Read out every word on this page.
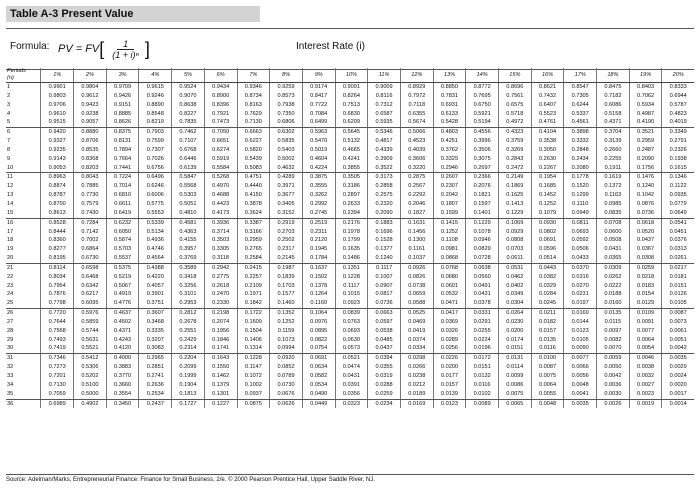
Table A-3 Present Value
Formula: PV = FV [ $\frac{1}{\text{(1 + i)ⁿ}}$ ]	Interest Rate (i)
Periods
(n)	1%	2%	3%	4%	5%	6%	7%	8%	9%	10%	11%	12%	13%	14%	15%	16%	17%	18%	19%	20%
1	0.9901	0.9804	0.9709	0.9615	0.9524	0.9434	0.9346	0.9259	0.9174	0.9091	0.9009	0.8929	0.8850	0.8772	0.8696	0.8621	0.8547	0.8475	0.8403	0.8333
2	0.9803	0.9612	0.9426	0.9246	0.9070	0.8900	0.8734	0.8573	0.8417	0.8264	0.8116	0.7972	0.7831	0.7695	0.7561	0.7432	0.7305	0.7182	0.7062	0.6944
3	0.9706	0.9423	0.9151	0.8890	0.8638	0.8396	0.8163	0.7938	0.7722	0.7513	0.7312	0.7118	0.6931	0.6750	0.6575	0.6407	0.6244	0.6086	0.5934	0.5787
4	0.9610	0.9238	0.8885	0.8548	0.8227	0.7921	0.7629	0.7350	0.7084	0.6830	0.6587	0.6355	0.6133	0.5921	0.5718	0.5523	0.5337	0.5158	0.4987	0.4823
5	0.9515	0.9057	0.8626	0.8219	0.7835	0.7473	0.7130	0.6806	0.6499	0.6209	0.5935	0.5674	0.5428	0.5194	0.4972	0.4761	0.4561	0.4371	0.4190	0.4019
6	0.9420	0.8880	0.8375	0.7903	0.7462	0.7050	0.6663	0.6302	0.5963	0.5645	0.5346	0.5066	0.4803	0.4556	0.4323	0.4104	0.3898	0.3704	0.3521	0.3349
7	0.9327	0.8706	0.8131	0.7599	0.7107	0.6651	0.6227	0.5835	0.5470	0.5132	0.4817	0.4523	0.4251	0.3996	0.3759	0.3538	0.3332	0.3139	0.2959	0.2791
8	0.9235	0.8535	0.7894	0.7307	0.6768	0.6274	0.5820	0.5403	0.5019	0.4665	0.4339	0.4039	0.3762	0.3506	0.3269	0.3050	0.2848	0.2660	0.2487	0.2326
9	0.9143	0.8368	0.7664	0.7026	0.6446	0.5919	0.5439	0.5002	0.4604	0.4241	0.3909	0.3606	0.3329	0.3075	0.2843	0.2630	0.2434	0.2255	0.2090	0.1938
10	0.9053	0.8203	0.7441	0.6756	0.6139	0.5584	0.5083	0.4632	0.4224	0.3855	0.3522	0.3220	0.2946	0.2697	0.2472	0.2267	0.2080	0.1911	0.1756	0.1615
11	0.8963	0.8043	0.7224	0.6496	0.5847	0.5268	0.4751	0.4289	0.3875	0.3505	0.3173	0.2875	0.2607	0.2366	0.2149	0.1954	0.1778	0.1619	0.1476	0.1346
12	0.8874	0.7885	0.7014	0.6246	0.5568	0.4970	0.4440	0.3971	0.3555	0.3186	0.2858	0.2567	0.2307	0.2076	0.1869	0.1685	0.1520	0.1372	0.1240	0.1122
13	0.8787	0.7730	0.6810	0.6006	0.5303	0.4688	0.4150	0.3677	0.3262	0.2897	0.2575	0.2292	0.2042	0.1821	0.1625	0.1452	0.1299	0.1163	0.1042	0.0935
14	0.8700	0.7579	0.6611	0.5775	0.5051	0.4423	0.3878	0.3405	0.2992	0.2633	0.2320	0.2046	0.1807	0.1597	0.1413	0.1252	0.1110	0.0985	0.0876	0.0779
15	0.8613	0.7430	0.6419	0.5553	0.4810	0.4173	0.3624	0.3152	0.2745	0.2394	0.2090	0.1827	0.1599	0.1401	0.1229	0.1079	0.0949	0.0835	0.0736	0.0649
16	0.8528	0.7284	0.6232	0.5339	0.4581	0.3936	0.3387	0.2919	0.2519	0.2176	0.1883	0.1631	0.1415	0.1229	0.1069	0.0930	0.0811	0.0708	0.0618	0.0541
17	0.8444	0.7142	0.6050	0.5134	0.4363	0.3714	0.3166	0.2703	0.2311	0.1978	0.1696	0.1456	0.1252	0.1078	0.0929	0.0802	0.0693	0.0600	0.0520	0.0451
18	0.8360	0.7002	0.5874	0.4936	0.4155	0.3503	0.2959	0.2502	0.2120	0.1799	0.1528	0.1300	0.1108	0.0946	0.0808	0.0691	0.0592	0.0508	0.0437	0.0376
19	0.8277	0.6864	0.5703	0.4746	0.3957	0.3305	0.2765	0.2317	0.1945	0.1635	0.1377	0.1161	0.0981	0.0829	0.0703	0.0596	0.0506	0.0431	0.0367	0.0313
20	0.8195	0.6730	0.5537	0.4564	0.3769	0.3118	0.2584	0.2145	0.1784	0.1486	0.1240	0.1037	0.0868	0.0728	0.0611	0.0514	0.0433	0.0365	0.0308	0.0261
21	0.8114	0.6598	0.5375	0.4388	0.3589	0.2942	0.2415	0.1987	0.1637	0.1351	0.1117	0.0926	0.0768	0.0638	0.0531	0.0443	0.0370	0.0309	0.0259	0.0217
22	0.8034	0.6468	0.5219	0.4220	0.3418	0.2775	0.2257	0.1839	0.1502	0.1228	0.1007	0.0826	0.0680	0.0560	0.0462	0.0382	0.0316	0.0262	0.0218	0.0181
23	0.7954	0.6342	0.5067	0.4057	0.3256	0.2618	0.2109	0.1703	0.1378	0.1117	0.0907	0.0738	0.0601	0.0491	0.0402	0.0329	0.0270	0.0222	0.0183	0.0151
24	0.7876	0.6217	0.4919	0.3901	0.3101	0.2470	0.1971	0.1577	0.1264	0.1015	0.0817	0.0659	0.0532	0.0431	0.0349	0.0284	0.0231	0.0188	0.0154	0.0126
25	0.7798	0.6095	0.4776	0.3751	0.2953	0.2330	0.1842	0.1460	0.1160	0.0923	0.0736	0.0588	0.0471	0.0378	0.0304	0.0245	0.0197	0.0160	0.0129	0.0105
26	0.7720	0.5976	0.4637	0.3607	0.2812	0.2198	0.1722	0.1352	0.1064	0.0839	0.0663	0.0525	0.0417	0.0331	0.0264	0.0211	0.0169	0.0135	0.0109	0.0087
27	0.7644	0.5859	0.4502	0.3468	0.2678	0.2074	0.1609	0.1252	0.0976	0.0763	0.0597	0.0469	0.0369	0.0291	0.0230	0.0182	0.0144	0.0115	0.0091	0.0073
28	0.7568	0.5744	0.4371	0.3335	0.2551	0.1956	0.1504	0.1159	0.0895	0.0693	0.0538	0.0419	0.0326	0.0255	0.0200	0.0157	0.0123	0.0097	0.0077	0.0061
29	0.7493	0.5631	0.4243	0.3207	0.2429	0.1846	0.1406	0.1073	0.0822	0.0630	0.0485	0.0374	0.0289	0.0224	0.0174	0.0135	0.0105	0.0082	0.0064	0.0051
30	0.7419	0.5521	0.4120	0.3083	0.2314	0.1741	0.1314	0.0994	0.0754	0.0573	0.0437	0.0334	0.0256	0.0196	0.0151	0.0116	0.0090	0.0070	0.0054	0.0042
31	0.7346	0.5412	0.4000	0.2965	0.2204	0.1643	0.1228	0.0920	0.0691	0.0521	0.0394	0.0298	0.0226	0.0172	0.0131	0.0100	0.0077	0.0059	0.0046	0.0035
32	0.7273	0.5306	0.3883	0.2851	0.2099	0.1550	0.1147	0.0852	0.0634	0.0474	0.0355	0.0266	0.0200	0.0151	0.0114	0.0087	0.0066	0.0050	0.0038	0.0029
33	0.7201	0.5202	0.3770	0.2741	0.1999	0.1462	0.1072	0.0789	0.0582	0.0431	0.0319	0.0238	0.0177	0.0132	0.0099	0.0075	0.0056	0.0042	0.0032	0.0024
34	0.7130	0.5100	0.3660	0.2636	0.1904	0.1379	0.1002	0.0730	0.0534	0.0391	0.0288	0.0212	0.0157	0.0116	0.0086	0.0064	0.0048	0.0036	0.0027	0.0020
35	0.7059	0.5000	0.3554	0.2534	0.1813	0.1301	0.0937	0.0676	0.0490	0.0356	0.0259	0.0189	0.0139	0.0102	0.0075	0.0055	0.0041	0.0030	0.0023	0.0017
36	0.6989	0.4902	0.3450	0.2437	0.1727	0.1227	0.0875	0.0626	0.0449	0.0323	0.0234	0.0169	0.0123	0.0089	0.0065	0.0048	0.0035	0.0026	0.0019	0.0014
Source: Adelman/Marks, Entrepreneurial Finance: Finance for Small Business, 2/e. © 2000 Pearson Prentice Hall, Upper Saddle River, NJ.
